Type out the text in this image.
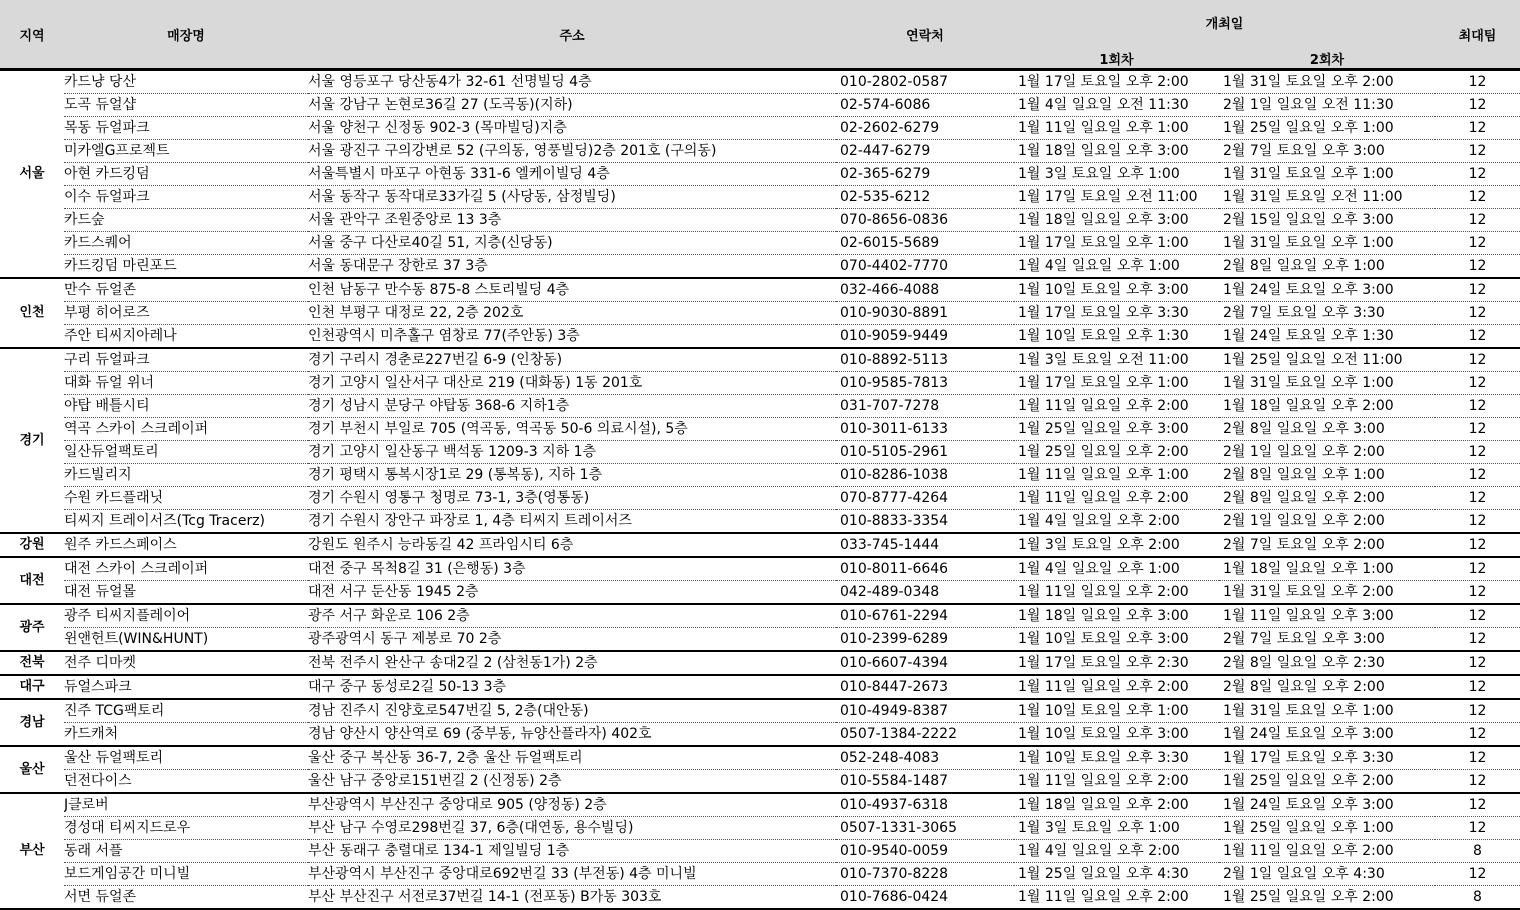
지역	매장명	주소	연락처	개최일		최대팀
				1회차	2회차	
서울	카드냥 당산	서울 영등포구 당산동4가 32-61 선명빌딩 4층	010-2802-0587	1월 17일 토요일 오후 2:00	1월 31일 토요일 오후 2:00	12
	도곡 듀얼샵	서울 강남구 논현로36길 27 (도곡동)(지하)	02-574-6086	1월 4일 일요일 오전 11:30	2월 1일 일요일 오전 11:30	12
	목동 듀얼파크	서울 양천구 신정동 902-3 (목마빌딩)지층	02-2602-6279	1월 11일 일요일 오후 1:00	1월 25일 일요일 오후 1:00	12
	미카엘G프로젝트	서울 광진구 구의강변로 52 (구의동, 영풍빌딩)2층 201호 (구의동)	02-447-6279	1월 18일 일요일 오후 3:00	2월 7일 토요일 오후 3:00	12
	아현 카드킹덤	서울특별시 마포구 아현동 331-6 엘케이빌딩 4층	02-365-6279	1월 3일 토요일 오후 1:00	1월 31일 토요일 오후 1:00	12
	이수 듀얼파크	서울 동작구 동작대로33가길 5 (사당동, 삼정빌딩)	02-535-6212	1월 17일 토요일 오전 11:00	1월 31일 토요일 오전 11:00	12
	카드숲	서울 관악구 조원중앙로 13 3층	070-8656-0836	1월 18일 일요일 오후 3:00	2월 15일 일요일 오후 3:00	12
	카드스퀘어	서울 중구 다산로40길 51, 지층(신당동)	02-6015-5689	1월 17일 토요일 오후 1:00	1월 31일 토요일 오후 1:00	12
	카드킹덤 마린포드	서울 동대문구 장한로 37 3층	070-4402-7770	1월 4일 일요일 오후 1:00	2월 8일 일요일 오후 1:00	12
인천	만수 듀얼존	인천 남동구 만수동 875-8 스토리빌딩 4층	032-466-4088	1월 10일 토요일 오후 3:00	1월 24일 토요일 오후 3:00	12
	부평 히어로즈	인천 부평구 대정로 22, 2층 202호	010-9030-8891	1월 17일 토요일 오후 3:30	2월 7일 토요일 오후 3:30	12
	주안 티씨지아레나	인천광역시 미추홀구 염창로 77(주안동) 3층	010-9059-9449	1월 10일 토요일 오후 1:30	1월 24일 토요일 오후 1:30	12
경기	구리 듀얼파크	경기 구리시 경춘로227번길 6-9 (인창동)	010-8892-5113	1월 3일 토요일 오전 11:00	1월 25일 일요일 오전 11:00	12
	대화 듀얼 위너	경기 고양시 일산서구 대산로 219 (대화동) 1동 201호	010-9585-7813	1월 17일 토요일 오후 1:00	1월 31일 토요일 오후 1:00	12
	야탑 배틀시티	경기 성남시 분당구 야탑동 368-6 지하1층	031-707-7278	1월 11일 일요일 오후 2:00	1월 18일 일요일 오후 2:00	12
	역곡 스카이 스크레이퍼	경기 부천시 부일로 705 (역곡동, 역곡동 50-6 의료시설), 5층	010-3011-6133	1월 25일 일요일 오후 3:00	2월 8일 일요일 오후 3:00	12
	일산듀얼팩토리	경기 고양시 일산동구 백석동 1209-3 지하 1층	010-5105-2961	1월 25일 일요일 오후 2:00	2월 1일 일요일 오후 2:00	12
	카드빌리지	경기 평택시 통복시장1로 29 (통복동), 지하 1층	010-8286-1038	1월 11일 일요일 오후 1:00	2월 8일 일요일 오후 1:00	12
	수원 카드플래닛	경기 수원시 영통구 청명로 73-1, 3층(영통동)	070-8777-4264	1월 11일 일요일 오후 2:00	2월 8일 일요일 오후 2:00	12
	티씨지 트레이서즈(Tcg Tracerz)	경기 수원시 장안구 파장로 1, 4층 티씨지 트레이서즈	010-8833-3354	1월 4일 일요일 오후 2:00	2월 1일 일요일 오후 2:00	12
강원	원주 카드스페이스	강원도 원주시 능라동길 42 프라임시티 6층	033-745-1444	1월 3일 토요일 오후 2:00	2월 7일 토요일 오후 2:00	12
대전	대전 스카이 스크레이퍼	대전 중구 목척8길 31 (은행동) 3층	010-8011-6646	1월 4일 일요일 오후 1:00	1월 18일 일요일 오후 1:00	12
	대전 듀얼몰	대전 서구 둔산동 1945 2층	042-489-0348	1월 11일 일요일 오후 2:00	1월 31일 토요일 오후 2:00	12
광주	광주 티씨지플레이어	광주 서구 화운로 106 2층	010-6761-2294	1월 18일 일요일 오후 3:00	1월 11일 일요일 오후 3:00	12
	윈앤헌트(WIN&HUNT)	광주광역시 동구 제봉로 70 2층	010-2399-6289	1월 10일 토요일 오후 3:00	2월 7일 토요일 오후 3:00	12
전북	전주 디마켓	전북 전주시 완산구 송대2길 2 (삼천동1가) 2층	010-6607-4394	1월 17일 토요일 오후 2:30	2월 8일 일요일 오후 2:30	12
대구	듀얼스파크	대구 중구 동성로2길 50-13 3층	010-8447-2673	1월 11일 일요일 오후 2:00	2월 8일 일요일 오후 2:00	12
경남	진주 TCG팩토리	경남 진주시 진양호로547번길 5, 2층(대안동)	010-4949-8387	1월 10일 토요일 오후 1:00	1월 31일 토요일 오후 1:00	12
	카드캐처	경남 양산시 양산역로 69 (중부동, 뉴양산플라자) 402호	0507-1384-2222	1월 10일 토요일 오후 3:00	1월 24일 토요일 오후 3:00	12
울산	울산 듀얼팩토리	울산 중구 복산동 36-7, 2층 울산 듀얼팩토리	052-248-4083	1월 10일 토요일 오후 3:30	1월 17일 토요일 오후 3:30	12
	던전다이스	울산 남구 중앙로151번길 2 (신정동) 2층	010-5584-1487	1월 11일 일요일 오후 2:00	1월 25일 일요일 오후 2:00	12
부산	J클로버	부산광역시 부산진구 중앙대로 905 (양정동) 2층	010-4937-6318	1월 18일 일요일 오후 2:00	1월 24일 토요일 오후 3:00	12
	경성대 티씨지드로우	부산 남구 수영로298번길 37, 6층(대연동, 용수빌딩)	0507-1331-3065	1월 3일 토요일 오후 1:00	1월 25일 일요일 오후 1:00	12
	동래 서플	부산 동래구 충렬대로 134-1 제일빌딩 1층	010-9540-0059	1월 4일 일요일 오후 2:00	1월 11일 일요일 오후 2:00	8
	보드게임공간 미니빌	부산광역시 부산진구 중앙대로692번길 33 (부전동) 4층 미니빌	010-7370-8228	1월 25일 일요일 오후 4:30	2월 1일 일요일 오후 4:30	12
	서면 듀얼존	부산 부산진구 서전로37번길 14-1 (전포동) B가동 303호	010-7686-0424	1월 11일 일요일 오후 2:00	1월 25일 일요일 오후 2:00	8
